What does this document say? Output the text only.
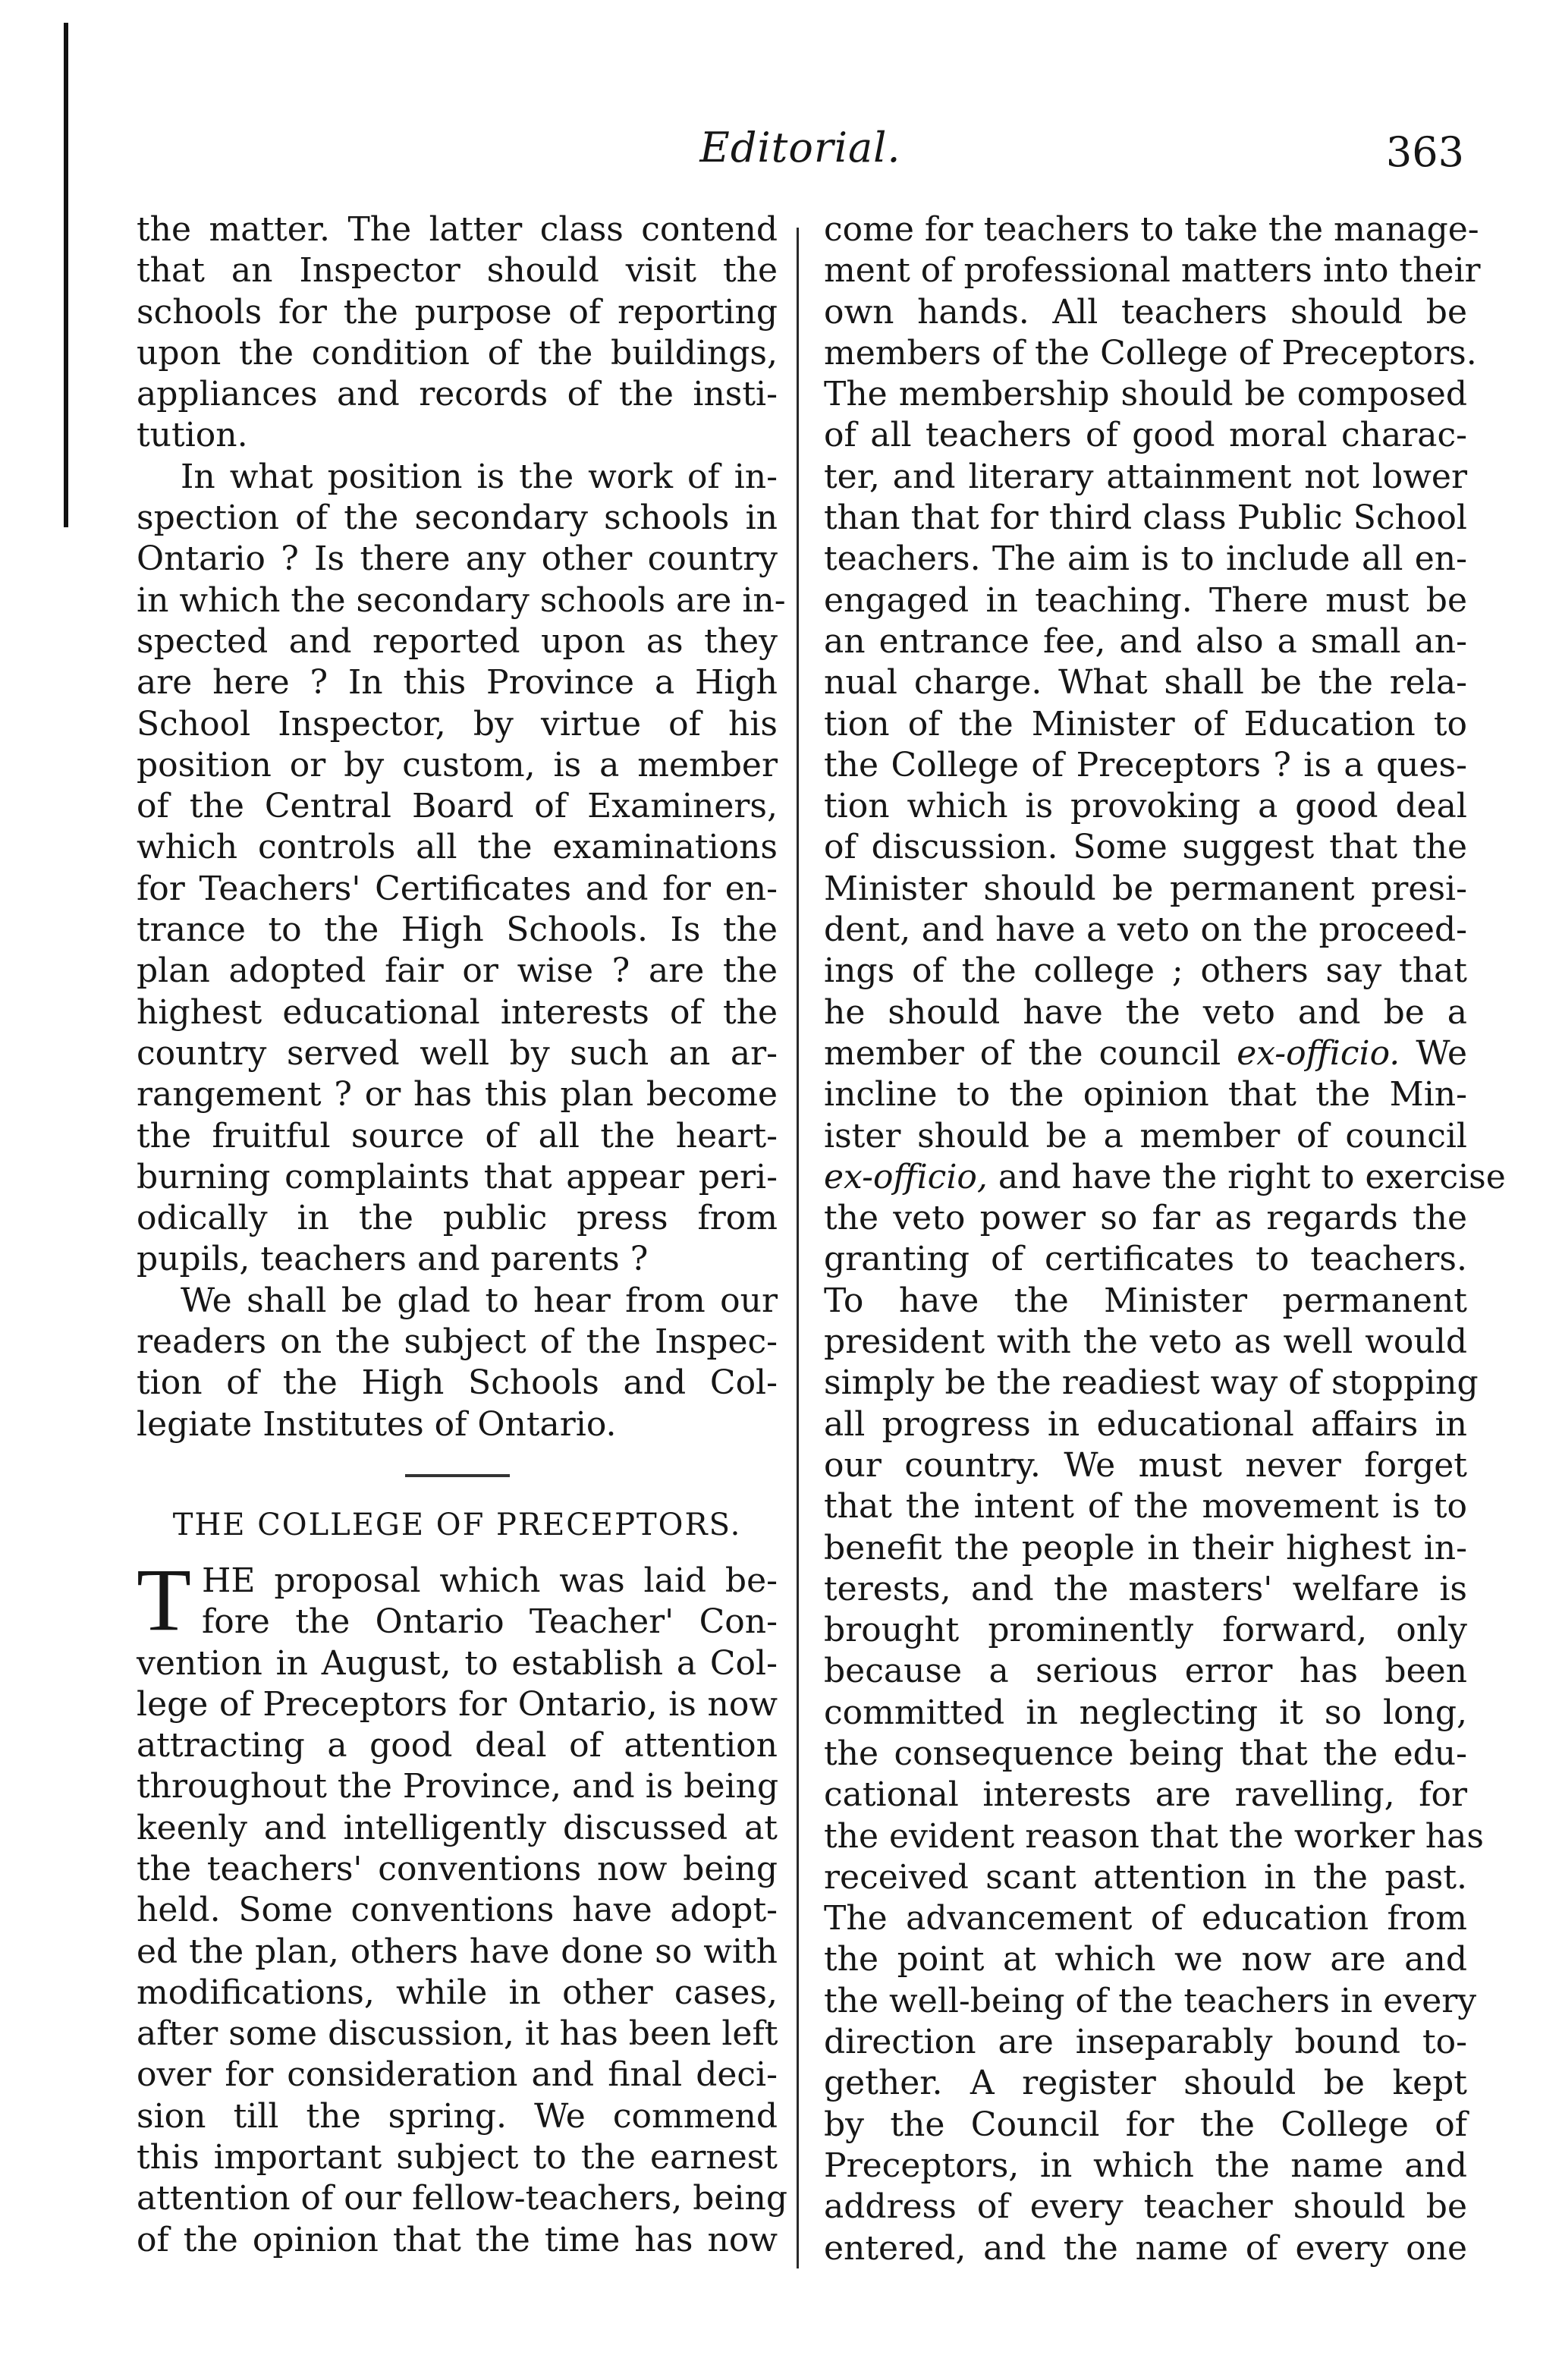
Editorial.	363
the matter. The latter class contend
that an Inspector should visit the
schools for the purpose of reporting
upon the condition of the buildings,
appliances and records of the insti-
tution.
In what position is the work of in-
spection of the secondary schools in
Ontario ? Is there any other country
in which the secondary schools are in-
spected and reported upon as they
are here ? In this Province a High
School Inspector, by virtue of his
position or by custom, is a member
of the Central Board of Examiners,
which controls all the examinations
for Teachers' Certificates and for en-
trance to the High Schools. Is the
plan adopted fair or wise ? are the
highest educational interests of the
country served well by such an ar-
rangement ? or has this plan become
the fruitful source of all the heart-
burning complaints that appear peri-
odically in the public press from
pupils, teachers and parents ?
We shall be glad to hear from our
readers on the subject of the Inspec-
tion of the High Schools and Col-
legiate Institutes of Ontario.
THE COLLEGE OF PRECEPTORS.
T HE proposal which was laid be-
fore the Ontario Teacher' Con-
vention in August, to establish a Col-
lege of Preceptors for Ontario, is now
attracting a good deal of attention
throughout the Province, and is being
keenly and intelligently discussed at
the teachers' conventions now being
held. Some conventions have adopt-
ed the plan, others have done so with
modifications, while in other cases,
after some discussion, it has been left
over for consideration and final deci-
sion till the spring. We commend
this important subject to the earnest
attention of our fellow-teachers, being
of the opinion that the time has now
come for teachers to take the manage-
ment of professional matters into their
own hands. All teachers should be
members of the College of Preceptors.
The membership should be composed
of all teachers of good moral charac-
ter, and literary attainment not lower
than that for third class Public School
teachers. The aim is to include all en-
engaged in teaching. There must be
an entrance fee, and also a small an-
nual charge. What shall be the rela-
tion of the Minister of Education to
the College of Preceptors ? is a ques-
tion which is provoking a good deal
of discussion. Some suggest that the
Minister should be permanent presi-
dent, and have a veto on the proceed-
ings of the college ; others say that
he should have the veto and be a
member of the council ex-officio. We
incline to the opinion that the Min-
ister should be a member of council
ex-officio, and have the right to exercise
the veto power so far as regards the
granting of certificates to teachers.
To have the Minister permanent
president with the veto as well would
simply be the readiest way of stopping
all progress in educational affairs in
our country. We must never forget
that the intent of the movement is to
benefit the people in their highest in-
terests, and the masters' welfare is
brought prominently forward, only
because a serious error has been
committed in neglecting it so long,
the consequence being that the edu-
cational interests are ravelling, for
the evident reason that the worker has
received scant attention in the past.
The advancement of education from
the point at which we now are and
the well-being of the teachers in every
direction are inseparably bound to-
gether. A register should be kept
by the Council for the College of
Preceptors, in which the name and
address of every teacher should be
entered, and the name of every one
